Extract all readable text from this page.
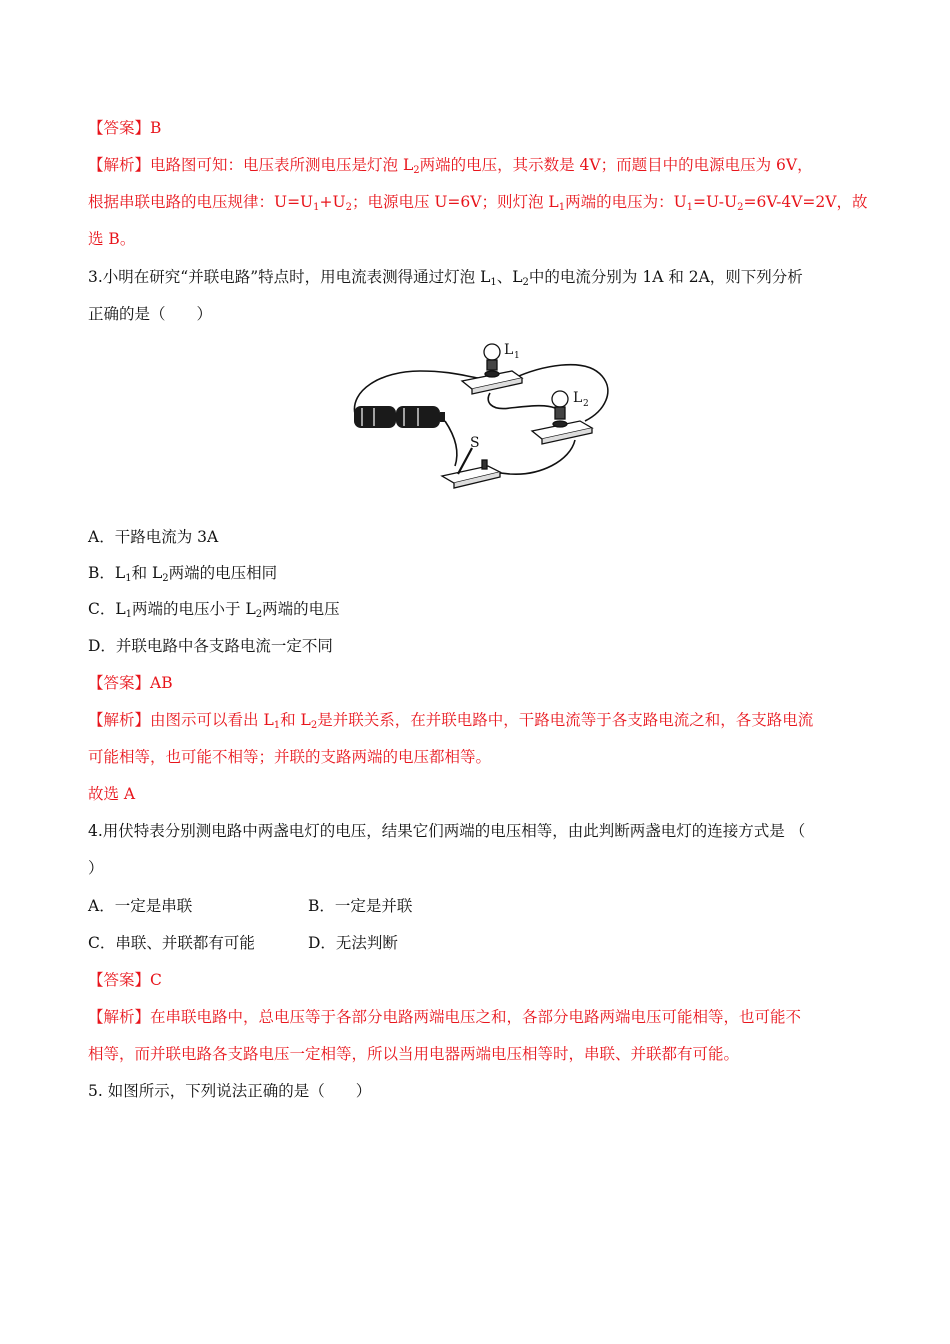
【答案】B
【解析】电路图可知：电压表所测电压是灯泡 $L_2$两端的电压，其示数是 4V；而题目中的电源电压为 6V，
根据串联电路的电压规律：$U=U_1+U_2$；电源电压 U=6V；则灯泡 $L_1$两端的电压为：$U_1=U-U_2=6V-4V=2V$，故
选 B。
3.小明在研究“并联电路”特点时，用电流表测得通过灯泡 $L_1$、$L_2$中的电流分别为 1A 和 2A，则下列分析
正确的是（　　）
L 1
L 2
S
A．干路电流为 3A
B．$L_1$和 $L_2$两端的电压相同
C．$L_1$两端的电压小于 $L_2$两端的电压
D．并联电路中各支路电流一定不同
【答案】AB
【解析】由图示可以看出 $L_1$和 $L_2$是并联关系，在并联电路中，干路电流等于各支路电流之和，各支路电流
可能相等，也可能不相等；并联的支路两端的电压都相等。
故选 A
4.用伏特表分别测电路中两盏电灯的电压，结果它们两端的电压相等，由此判断两盏电灯的连接方式是 （
）
A．一定是串联	B．一定是并联
C．串联、并联都有可能	D．无法判断
【答案】C
【解析】在串联电路中，总电压等于各部分电路两端电压之和，各部分电路两端电压可能相等，也可能不
相等，而并联电路各支路电压一定相等，所以当用电器两端电压相等时，串联、并联都有可能。
5. 如图所示，下列说法正确的是（　　）
